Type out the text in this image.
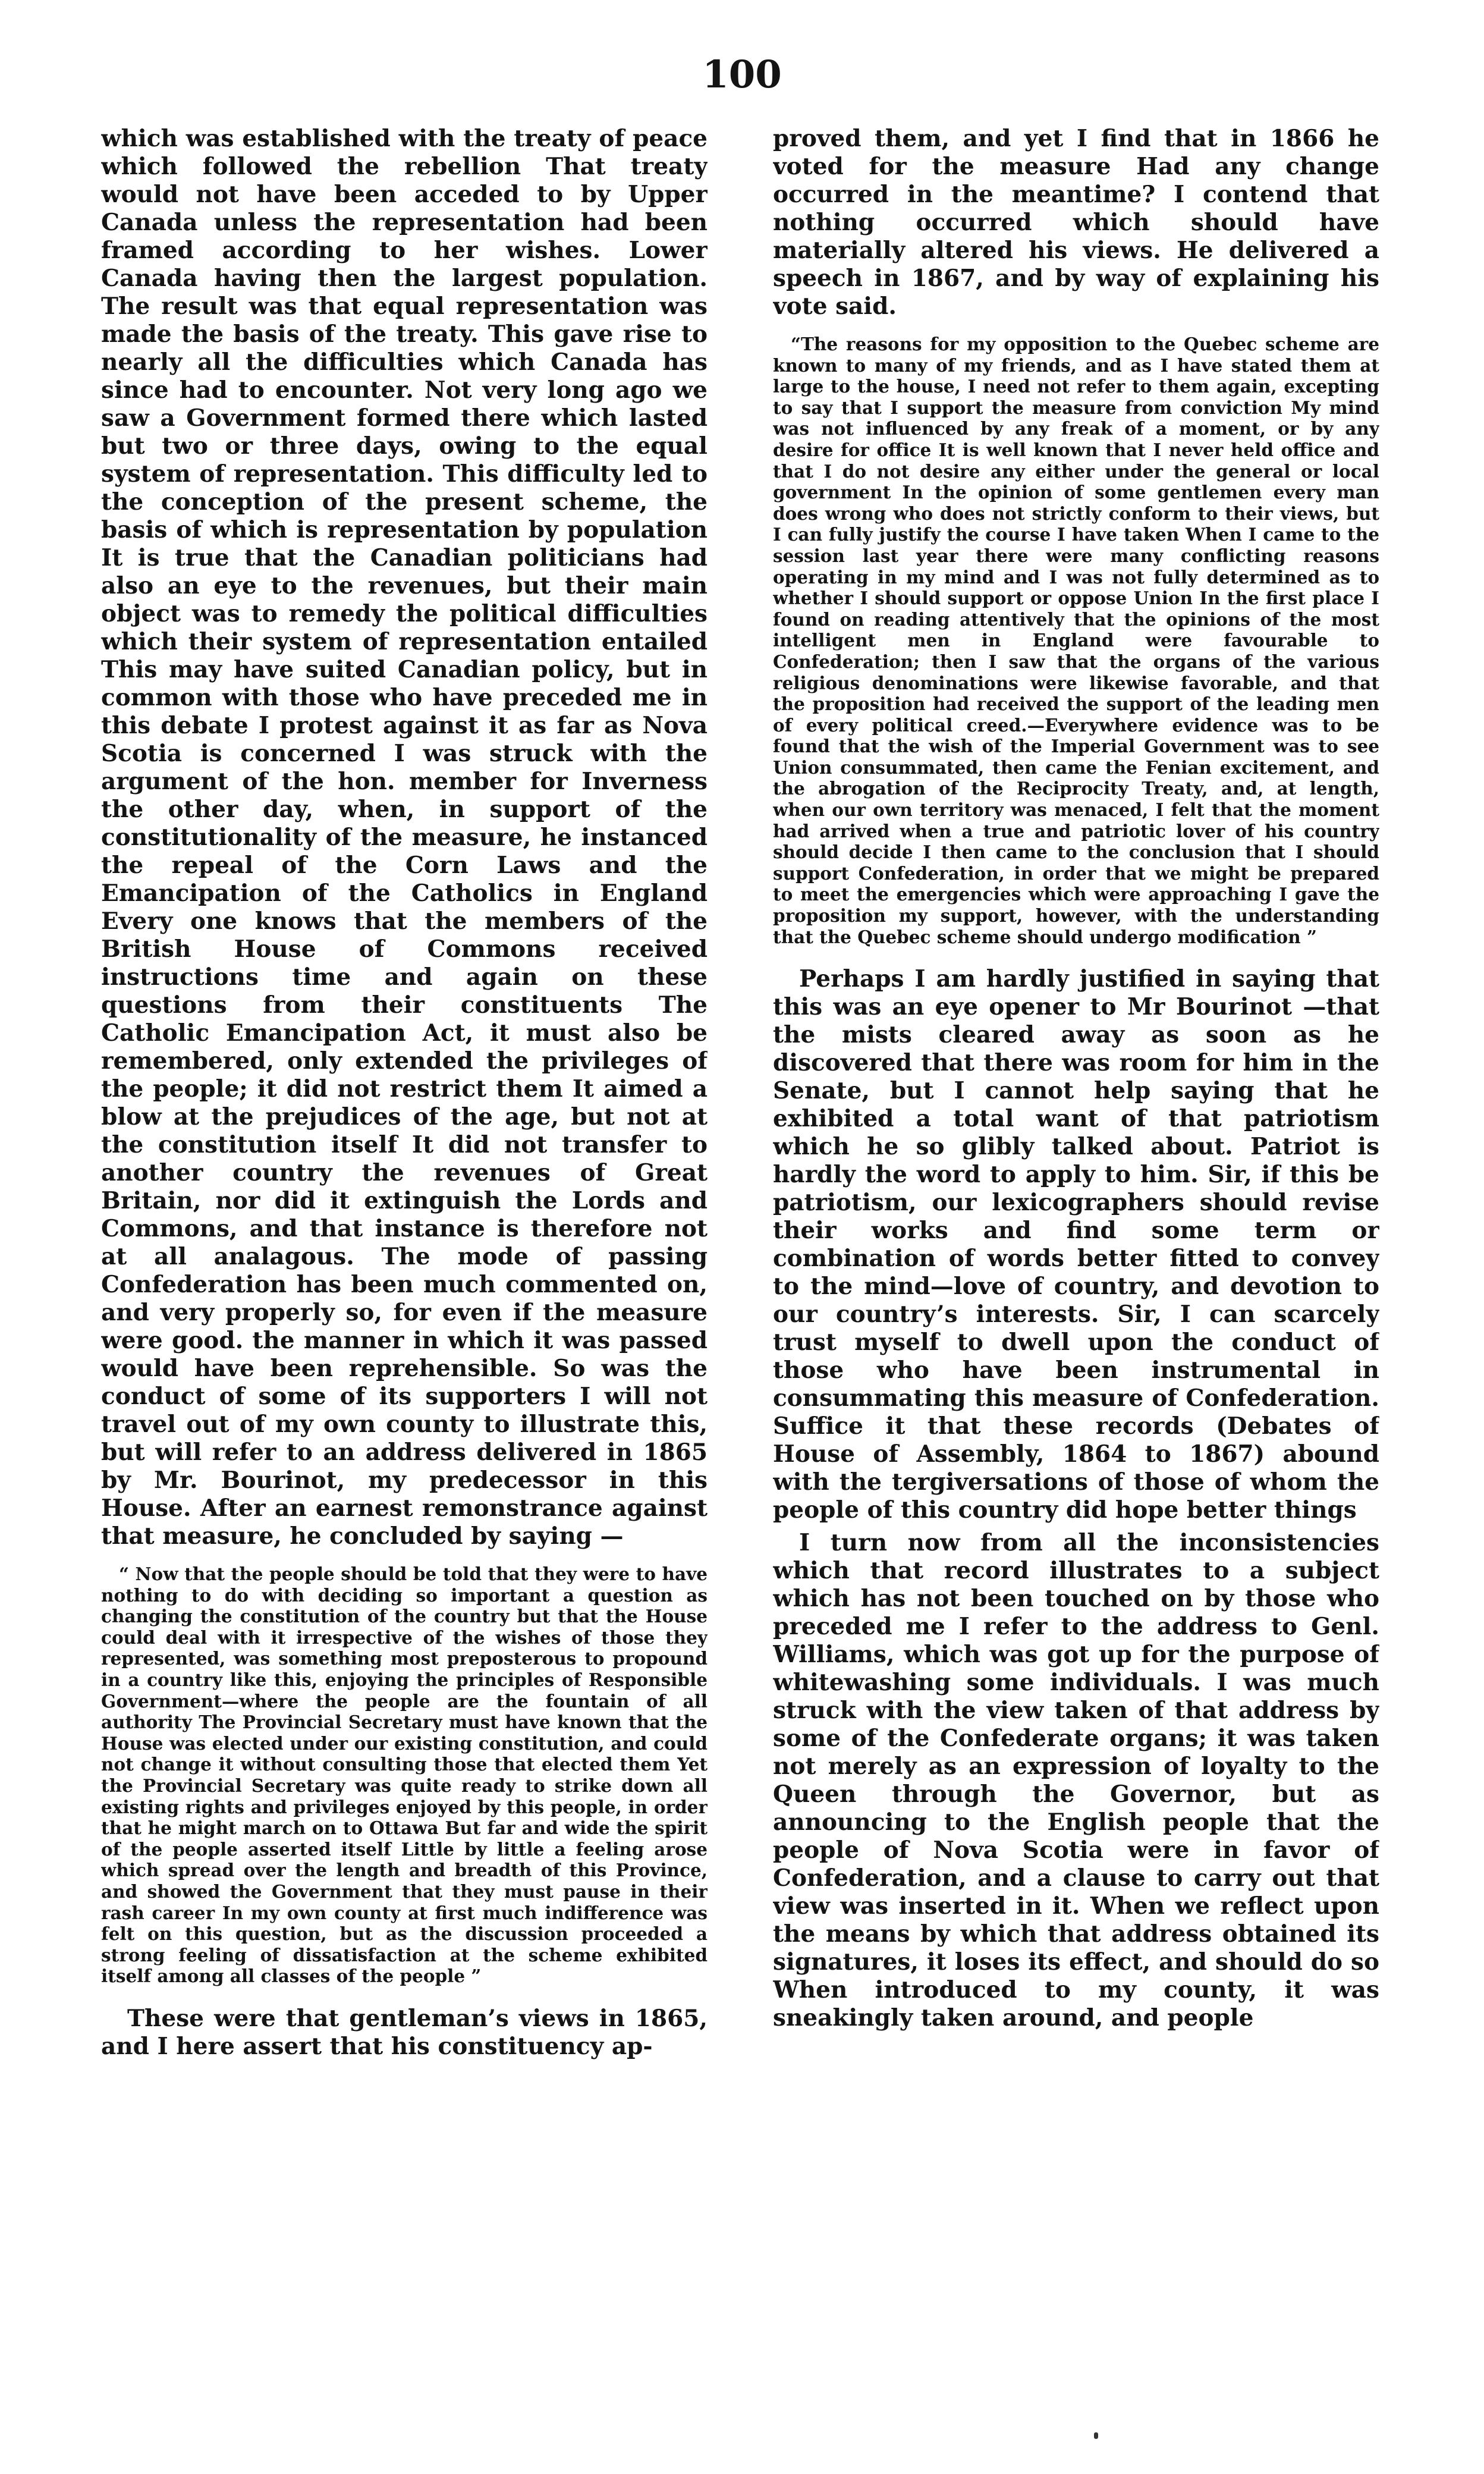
100

which was established with the treaty of peace which followed the rebellion That treaty would not have been acceded to by Upper Canada unless the representation had been framed according to her wishes. Lower Canada having then the largest population. The result was that equal representation was made the basis of the treaty. This gave rise to nearly all the difficulties which Canada has since had to encounter. Not very long ago we saw a Government formed there which lasted but two or three days, owing to the equal system of representation. This difficulty led to the conception of the present scheme, the basis of which is representation by population It is true that the Canadian politicians had also an eye to the revenues, but their main object was to remedy the political difficulties which their system of representation entailed This may have suited Canadian policy, but in common with those who have preceded me in this debate I protest against it as far as Nova Scotia is concerned I was struck with the argument of the hon. member for Inverness the other day, when, in support of the constitutionality of the measure, he instanced the repeal of the Corn Laws and the Emancipation of the Catholics in England Every one knows that the members of the British House of Commons received instructions time and again on these questions from their constituents The Catholic Emancipation Act, it must also be remembered, only extended the privileges of the people; it did not restrict them It aimed a blow at the prejudices of the age, but not at the constitution itself It did not transfer to another country the revenues of Great Britain, nor did it extinguish the Lords and Commons, and that instance is therefore not at all analagous. The mode of passing Confederation has been much commented on, and very properly so, for even if the measure were good. the manner in which it was passed would have been reprehensible. So was the conduct of some of its supporters I will not travel out of my own county to illustrate this, but will refer to an address delivered in 1865 by Mr. Bourinot, my predecessor in this House. After an earnest remonstrance against that measure, he concluded by saying —

“ Now that the people should be told that they were to have nothing to do with deciding so important a question as changing the constitution of the country but that the House could deal with it irrespective of the wishes of those they represented, was something most preposterous to propound in a country like this, enjoying the principles of Responsible Government—where the people are the fountain of all authority The Provincial Secretary must have known that the House was elected under our existing constitution, and could not change it without consulting those that elected them Yet the Provincial Secretary was quite ready to strike down all existing rights and privileges enjoyed by this people, in order that he might march on to Ottawa But far and wide the spirit of the people asserted itself Little by little a feeling arose which spread over the length and breadth of this Province, and showed the Government that they must pause in their rash career In my own county at first much indifference was felt on this question, but as the discussion proceeded a strong feeling of dissatisfaction at the scheme exhibited itself among all classes of the people ”

These were that gentleman’s views in 1865, and I here assert that his constituency ap-

proved them, and yet I find that in 1866 he voted for the measure Had any change occurred in the meantime? I contend that nothing occurred which should have materially altered his views. He delivered a speech in 1867, and by way of explaining his vote said.

“The reasons for my opposition to the Quebec scheme are known to many of my friends, and as I have stated them at large to the house, I need not refer to them again, excepting to say that I support the measure from conviction My mind was not influenced by any freak of a moment, or by any desire for office It is well known that I never held office and that I do not desire any either under the general or local government In the opinion of some gentlemen every man does wrong who does not strictly conform to their views, but I can fully justify the course I have taken When I came to the session last year there were many conflicting reasons operating in my mind and I was not fully determined as to whether I should support or oppose Union In the first place I found on reading attentively that the opinions of the most intelligent men in England were favourable to Confederation; then I saw that the organs of the various religious denominations were likewise favorable, and that the proposition had received the support of the leading men of every political creed.—Everywhere evidence was to be found that the wish of the Imperial Government was to see Union consummated, then came the Fenian excitement, and the abrogation of the Reciprocity Treaty, and, at length, when our own territory was menaced, I felt that the moment had arrived when a true and patriotic lover of his country should decide I then came to the conclusion that I should support Confederation, in order that we might be prepared to meet the emergencies which were approaching I gave the proposition my support, however, with the understanding that the Quebec scheme should undergo modification ”

Perhaps I am hardly justified in saying that this was an eye opener to Mr Bourinot —that the mists cleared away as soon as he discovered that there was room for him in the Senate, but I cannot help saying that he exhibited a total want of that patriotism which he so glibly talked about. Patriot is hardly the word to apply to him. Sir, if this be patriotism, our lexicographers should revise their works and find some term or combination of words better fitted to convey to the mind—love of country, and devotion to our country’s interests. Sir, I can scarcely trust myself to dwell upon the conduct of those who have been instrumental in consummating this measure of Confederation. Suffice it that these records (Debates of House of Assembly, 1864 to 1867) abound with the tergiversations of those of whom the people of this country did hope better things

I turn now from all the inconsistencies which that record illustrates to a subject which has not been touched on by those who preceded me I refer to the address to Genl. Williams, which was got up for the purpose of whitewashing some individuals. I was much struck with the view taken of that address by some of the Confederate organs; it was taken not merely as an expression of loyalty to the Queen through the Governor, but as announcing to the English people that the people of Nova Scotia were in favor of Confederation, and a clause to carry out that view was inserted in it. When we reflect upon the means by which that address obtained its signatures, it loses its effect, and should do so When introduced to my county, it was sneakingly taken around, and people
